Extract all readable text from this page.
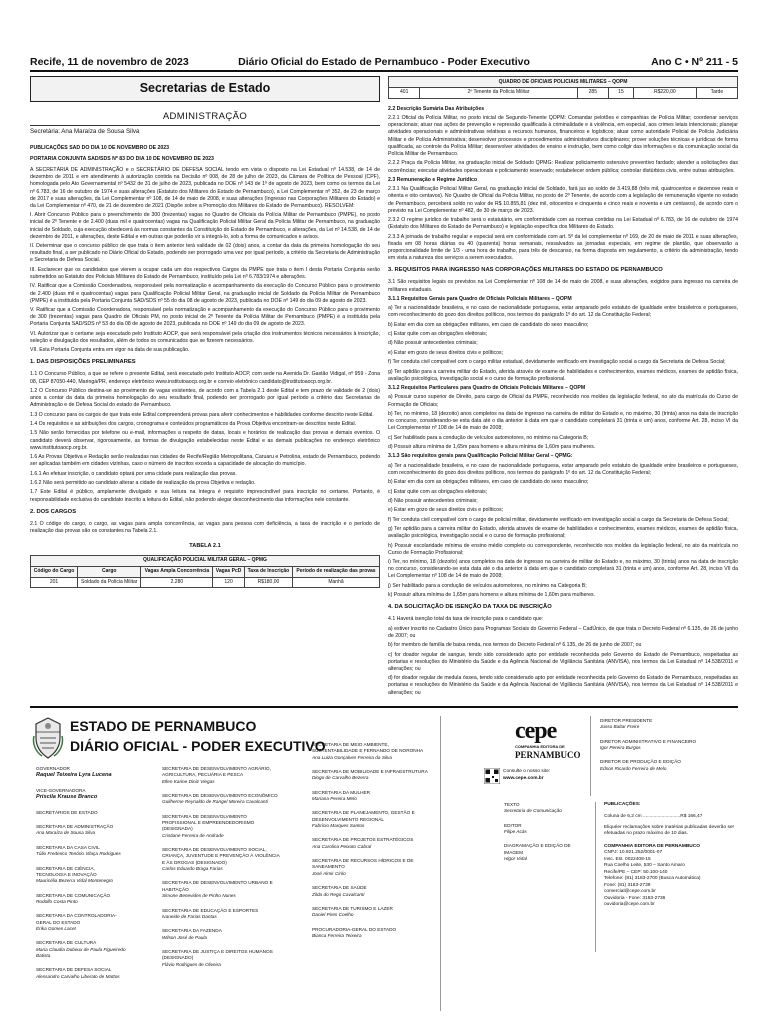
Recife, 11 de novembro de 2023	Diário Oficial do Estado de Pernambuco - Poder Executivo	Ano C • Nº 211 - 5
Secretarias de Estado
ADMINISTRAÇÃO
Secretária: Ana Maraíza de Sousa Silva

PUBLICAÇÕES SAD DO DIA 10 DE NOVEMBRO DE 2023

PORTARIA CONJUNTA SAD/SDS Nº 83 DO DIA 10 DE NOVEMBRO DE 2023

A SECRETÁRIA DE ADMINISTRAÇÃO e o SECRETÁRIO DE DEFESA SOCIAL tendo em vista o disposto na Lei Estadual nº 14.538, de 14 de dezembro de 2011 e em atendimento à autorização contida na Decisão nº 008, de 28 de julho de 2023, da Câmara de Política de Pessoal (CPF), homologada pelo Ato Governamental nº 5432 de 31 de julho de 2023, publicada no DOE nº 143 de 1º de agosto de 2023, bem como os termos da Lei nº 6.783, de 16 de outubro de 1974 e suas alterações (Estatuto dos Militares do Estado de Pernambuco), a Lei Complementar nº 352, de 23 de março de 2017 e suas alterações, da Lei Complementar nº 108, de 14 de maio de 2008, e suas alterações (Ingresso nas Corporações Militares do Estado) e da Lei Complementar nº 470, de 21 de dezembro de 2021 (Dispõe sobre a Promoção dos Militares do Estado de Pernambuco). RESOLVEM:

I. Abrir Concurso Público para o preenchimento de 300 (trezentas) vagas no Quadro de Oficiais da Polícia Militar de Pernambuco (PMPE), no posto inicial de 2º Tenente e de 2.400 (duas mil e quatrocentas) vagas na Qualificação Policial Militar Geral da Polícia Militar de Pernambuco, na graduação inicial de Soldado, cuja execução obedecerá às normas constantes da Constituição do Estado de Pernambuco, e alterações, da Lei nº 14.538, de 14 de dezembro de 2011, e alterações, deste Edital e em outras que poderão vir a integrá-lo, sob a forma de comunicados e avisos.

II. Determinar que o concurso público de que trata o item anterior terá validade de 02 (dois) anos, a contar da data da primeira homologação do seu resultado final, a ser publicado no Diário Oficial do Estado, podendo ser prorrogado uma vez por igual período, a critério da Secretaria de Administração e Secretaria de Defesa Social.

III. Esclarecer que os candidatos que vierem a ocupar cada um dos respectivos Cargos da PMPE que trata o item I desta Portaria Conjunta serão submetidos ao Estatuto dos Policiais Militares do Estado de Pernambuco, instituído pela Lei nº 6.783/1974 e alterações.

IV. Ratificar que a Comissão Coordenadora, responsável pela normatização e acompanhamento da execução do Concurso Público para o provimento de 2.400 (duas mil e quatrocentas) vagas para Qualificação Policial Militar Geral, na graduação inicial de Soldado da Polícia Militar de Pernambuco (PMPE) é a instituída pela Portaria Conjunta SAD/SDS nº 55 do dia 08 de agosto de 2023, publicada no DOE nº 149 do dia 09 de agosto de 2023.

V. Ratificar que a Comissão Coordenadora, responsável pela normatização e acompanhamento da execução do Concurso Público para o provimento de 300 (trezentas) vagas para Quadro de Oficiais PM, no posto inicial de 2º Tenente da Polícia Militar de Pernambuco (PMPE) é a instituída pela Portaria Conjunta SAD/SDS nº 53 do dia 08 de agosto de 2023, publicada no DOE nº 149 do dia 09 de agosto de 2023.

VI. Autorizar que o certame seja executado pelo Instituto AOCP, que será responsável pela criação dos instrumentos técnicos necessários à inscrição, seleção e divulgação dos resultados, além de todos os comunicados que se fizerem necessários.

VII. Esta Portaria Conjunta entra em vigor na data de sua publicação.

1. DAS DISPOSIÇÕES PRELIMINARES

1.1 O Concurso Público, a que se refere o presente Edital, será executado pelo Instituto AOCP, com sede na Avenida Dr. Gastão Vidigal, nº 959 - Zona 08, CEP 87050-440, Maringá/PR, endereço eletrônico www.institutoaocp.org.br e correio eletrônico candidato@institutoaocp.org.br.

1.2 O Concurso Público destina-se ao provimento de vagas existentes, de acordo com a Tabela 2.1 deste Edital e tem prazo de validade de 2 (dois) anos a contar da data da primeira homologação do seu resultado final, podendo ser prorrogado por igual período a critério das Secretarias de Administração e de Defesa Social do estado de Pernambuco.

1.3 O concurso para os cargos de que trata este Edital compreenderá provas para aferir conhecimentos e habilidades conforme descrito neste Edital.

1.4 Os requisitos e as atribuições dos cargos, cronograma e conteúdos programáticos da Prova Objetiva encontram-se descritos neste Edital.

1.5 Não serão fornecidas por telefone ou e-mail, informações a respeito de datas, locais e horários de realização das provas e demais eventos. O candidato deverá observar, rigorosamente, as formas de divulgação estabelecidas neste Edital e as demais publicações no endereço eletrônico www.institutoaocp.org.br.

1.6 As Provas Objetiva e Redação serão realizadas nas cidades de Recife/Região Metropolitana, Caruaru e Petrolina, estado de Pernambuco, podendo ser aplicadas também em cidades vizinhas, caso o número de inscritos exceda a capacidade de alocação do município.

1.6.1 Ao efetuar inscrição, o candidato optará por uma cidade para realização das provas.

1.6.2 Não será permitido ao candidato alterar a cidade de realização da prova Objetiva e redação.

1.7 Este Edital é público, amplamente divulgado e sua leitura na íntegra é requisito imprescindível para inscrição no certame. Portanto, é responsabilidade exclusiva do candidato inscrito a leitura do Edital, não podendo alegar desconhecimento das informações nele constante.

2. DOS CARGOS

2.1 O código do cargo, o cargo, as vagas para ampla concorrência, as vagas para pessoa com deficiência, a taxa de inscrição e o período de realização das provas são os constantes na Tabela 2.1.

TABELA 2.1
QUALIFICAÇÃO POLICIAL MILITAR GERAL – QPMG					
Código do Cargo	Cargo	Vagas Ampla Concorrência	Vagas PcD	Taxa de Inscrição	Período de realização das provas
201	Soldado da Polícia Militar	2.280	120	R$180,00	Manhã
QUADRO DE OFICIAIS POLICIAIS MILITARES – QOPM
401	2º Tenente da Polícia Militar	285	15	R$220,00	Tarde

2.2 Descrição Sumária Das Atribuições

2.2.1 Oficial da Polícia Militar, no posto inicial de Segundo-Tenente QOPM: Comandar pelotões e companhias de Polícia Militar; coordenar serviços operacionais; atuar nas ações de prevenção e repressão qualificada à criminalidade e à violência, em especial, aos crimes letais intencionais; planejar atividades operacionais e administrativas relativas a recursos humanos, financeiros e logísticos; atuar como autoridade Policial de Polícia Judiciária Militar e de Polícia Administrativa; desenvolver processos e procedimentos administrativos disciplinares; prover soluções técnicas e jurídicas de forma qualificada, ao controle da Polícia Militar; desenvolver atividades de ensino e instrução, bem como coligir das informações e da comunicação social da Polícia Militar de Pernambuco.

2.2.2 Praça da Polícia Militar, na graduação inicial de Soldado QPMG: Realizar policiamento ostensivo preventivo fardado; atender a solicitações das ocorrências; executar atividades operacionais e policiamento reservado; restabelecer ordem pública; controlar distúrbios civis, entre outras atribuições.

2.3 Remuneração e Regime Jurídico

2.3.1 Na Qualificação Policial Militar Geral, na graduação inicial de Soldado, fará jus ao soldo de 3.419,88 (três mil, quatrocentos e dezenove reais e oitenta e oito centavos). No Quadro de Oficial da Polícia Militar, no posto de 2º Tenente, de acordo com a legislação de remuneração vigente no estado de Pernambuco, perceberá soldo no valor de R$ 10.855,81 (dez mil, oitocentos e cinquenta e cinco reais e noventa e um centavos), de acordo com o previsto na Lei Complementar nº 482, de 30 de março de 2023.

2.3.2 O regime jurídico de trabalho será o estatutário, em conformidade com as normas contidas na Lei Estadual nº 6.783, de 16 de outubro de 1974 (Estatuto dos Militares do Estado de Pernambuco) e legislação específica dos Militares do Estado.

2.3.3 A jornada de trabalho regular e especial será em conformidade com art. 5º da lei complementar nº 169, de 20 de maio de 2011 e suas alterações, fixada em 08 horas diárias ou 40 (quarenta) horas semanais, ressalvados as jornadas especiais, em regime de plantão, que observarão a proporcionalidade limite de 1/3 - uma hora de trabalho, para três de descanso, na forma disposta em regulamento, a critério da administração, tendo em vista a natureza dos serviços a serem executados.

3. REQUISITOS PARA INGRESSO NAS CORPORAÇÕES MILITARES DO ESTADO DE PERNAMBUCO

3.1 São requisitos legais os previstos na Lei Complementar nº 108 de 14 de maio de 2008, e suas alterações, exigidos para ingresso na carreira de militares estaduais.

3.1.1 Requisitos Gerais para Quadro de Oficiais Policiais Militares – QOPM

a) Ter a nacionalidade brasileira, e no caso de nacionalidade portuguesa, estar amparado pelo estatuto de igualdade entre brasileiros e portugueses, com reconhecimento do gozo dos direitos políticos, nos termos do parágrafo 1º do art. 12 da Constituição Federal;

b) Estar em dia com as obrigações militares, em caso de candidato do sexo masculino;

c) Estar quite com as obrigações eleitorais;

d) Não possuir antecedentes criminais;

e) Estar em gozo de seus direitos civis e políticos;

f) Ter conduta civil compatível com o cargo militar estadual, devidamente verificado em investigação social a cargo da Secretaria de Defesa Social;

g) Ter aptidão para a carreira militar do Estado, aferida através de exame de habilidades e conhecimentos, exames médicos, exames de aptidão física, avaliação psicológica, investigação social e o curso de formação profissional.

3.1.2 Requisitos Particulares para Quadro de Oficiais Policiais Militares – QOPM

a) Possuir curso superior de Direito, para cargo de Oficial da PMPE, reconhecido nos moldes da legislação federal, no ato da matrícula do Curso de Formação de Oficiais;

b) Ter, no mínimo, 18 (dezoito) anos completos na data de ingresso na carreira de militar do Estado e, no máximo, 30 (trinta) anos na data de inscrição no concurso, considerando-se esta data até o dia anterior à data em que o candidato completará 31 (trinta e um) anos, conforme Art. 28, inciso VI da Lei Complementar nº 108 de 14 de maio de 2008;

c) Ser habilitado para a condução de veículos automotores, no mínimo na Categoria B;

d) Possuir altura mínima de 1,65m para homens e altura mínima de 1,60m para mulheres.

3.1.3 São requisitos gerais para Qualificação Policial Militar Geral – QPMG:

a) Ter a nacionalidade brasileira, e no caso de nacionalidade portuguesa, estar amparado pelo estatuto de igualdade entre brasileiros e portugueses, com reconhecimento do gozo dos direitos políticos, nos termos do parágrafo 1º do art. 12 da Constituição Federal;

b) Estar em dia com as obrigações militares, em caso de candidato do sexo masculino;

c) Estar quite com as obrigações eleitorais;

d) Não possuir antecedentes criminais;

e) Estar em gozo de seus direitos civis e políticos;

f) Ter conduta civil compatível com o cargo de policial militar, devidamente verificado em investigação social a cargo da Secretaria de Defesa Social;

g) Ter aptidão para a carreira militar do Estado, aferida através de exame de habilidades e conhecimentos, exames médicos, exames de aptidão física, avaliação psicológica, investigação social e o curso de formação profissional;

h) Possuir escolaridade mínima de ensino médio completo ou correspondente, reconhecido nos moldes da legislação federal, no ato da matrícula no Curso de Formação Profissional;

i) Ter, no mínimo, 18 (dezoito) anos completos na data de ingresso na carreira de militar do Estado e, no máximo, 30 (trinta) anos na data de inscrição no concurso, considerando-se esta data até o dia anterior à data em que o candidato completará 31 (trinta e um) anos, conforme Art. 28, inciso VII da Lei Complementar nº 108 de 14 de maio de 2008;

j) Ser habilitado para a condução de veículos automotores, no mínimo na Categoria B;

k) Possuir altura mínima de 1,65m para homens e altura mínima de 1,60m para mulheres.

4. DA SOLICITAÇÃO DE ISENÇÃO DA TAXA DE INSCRIÇÃO

4.1 Haverá isenção total da taxa de inscrição para o candidato que:

a) estiver inscrito no Cadastro Único para Programas Sociais do Governo Federal – CadÚnico, de que trata o Decreto Federal nº 6.135, de 26 de junho de 2007; ou

b) for membro de família de baixa renda, nos termos do Decreto Federal nº 6.135, de 26 de junho de 2007; ou

c) for doador regular de sangue, tendo sido considerado apto por entidade reconhecida pelo Governo do Estado de Pernambuco, respeitadas as portarias e resoluções do Ministério da Saúde e da Agência Nacional de Vigilância Sanitária (ANVISA), nos termos da Lei Estadual nº 14.538/2011 e alterações; ou

d) for doador regular de medula óssea, tendo sido considerado apto por entidade reconhecida pelo Governo do Estado de Pernambuco, respeitadas as portarias e resoluções do Ministério da Saúde e da Agência Nacional de Vigilância Sanitária (ANVISA), nos termos da Lei Estadual nº 14.538/2011 e alterações; ou

ESTADO DE PERNAMBUCO
DIÁRIO OFICIAL - PODER EXECUTIVO
GOVERNADOR
Raquel Teixeira Lyra Lucena
VICE-GOVERNADORA
Priscila Krause Branco
SECRETÁRIOS DE ESTADO
SECRETARIA DE ADMINISTRAÇÃO
Ana Maraíza de Sousa Silva
SECRETARIA DA CASA CIVIL
Túlio Frederico Tenório Vilaça Rodrigues
SECRETARIA DE CIÊNCIA, TECNOLOGIA E INOVAÇÃO
Mauricélia Bezerra Vidal Montenegro
SECRETARIA DE COMUNICAÇÃO
Rodolfo Costa Pinto
SECRETARIA DA CONTROLADORIA-GERAL DO ESTADO
Érika Gomes Lacet
SECRETARIA DE CULTURA
Maria Claudia Dubeux de Paula Figueiredo Batista
SECRETARIA DE DEFESA SOCIAL
Alessandro Carvalho Liberato de Mattos
SECRETARIA DE DESENVOLVIMENTO AGRÁRIO, AGRICULTURA, PECUÁRIA E PESCA
Ellen Karine Diniz Viegas
SECRETARIA DE DESENVOLVIMENTO ECONÔMICO
Guilherme Reynaldo de Rangel Moreira Cavalcanti
SECRETARIA DE DESENVOLVIMENTO PROFISSIONAL E EMPREENDEDORISMO (DESIGNADA)
Cristiane Ferreira de Andrade
SECRETARIA DE DESENVOLVIMENTO SOCIAL, CRIANÇA, JUVENTUDE E PREVENÇÃO À VIOLÊNCIA E ÀS DROGAS (DESIGNADO)
Carlos Eduardo Braga Farias
SECRETARIA DE DESENVOLVIMENTO URBANO E HABITAÇÃO
Simone Benevides de Pinho Nunes
SECRETARIA DE EDUCAÇÃO E ESPORTES
Ivaneide de Farias Dantas
SECRETARIA DA FAZENDA
Wilson José de Paula
SECRETARIA DE JUSTIÇA E DIREITOS HUMANOS (DESIGNADO)
Flávio Rodrigues de Oliveira
SECRETARIA DE MEIO AMBIENTE, SUSTENTABILIDADE E FERNANDO DE NORONHA
Ana Luiza Gonçalves Ferreira da Silva
SECRETARIA DE MOBILIDADE E INFRAESTRUTURA
Diogo de Carvalho Bezerra
SECRETARIA DA MULHER
Mariana Pereira Melo
SECRETARIA DE PLANEJAMENTO, GESTÃO E DESENVOLVIMENTO REGIONAL
Fabrício Marques Santos
SECRETARIA DE PROJETOS ESTRATÉGICOS
Ana Carolina Peixoto Cabral
SECRETARIA DE RECURSOS HÍDRICOS E DE SANEAMENTO
José Almir Cirilo
SECRETARIA DE SAÚDE
Zilda do Rego Cavalcanti
SECRETARIA DE TURISMO E LAZER
Daniel Pires Coelho
PROCURADORIA-GERAL DO ESTADO
Bianca Ferreira Teixeira
cepe
COMPANHIA EDITORA DE
PERNAMBUCO
Consulte o nosso site:
www.cepe.com.br
DIRETOR PRESIDENTE
Jusso Baltar Freire
DIRETOR ADMINISTRATIVO E FINANCEIRO
Igor Pereira Burgos
DIRETOR DE PRODUÇÃO E EDIÇÃO
Edson Ricardo Ferreira de Melo
TEXTO
Secretaria de Comunicação
EDITOR
Filipe Acás
DIAGRAMAÇÃO E EDIÇÃO DE IMAGEM
Higor Vidal
PUBLICAÇÕES:
Coluna de 6,2 cm ............................R$ 166,47
Eliquéer reclamações sobre matérias publicadas deverão ser efetuadas no prazo máximo de 10 dias.
COMPANHIA EDITORA DE PERNAMBUCO
CNPJ: 10.921.252/0001-07
Insc. Est. 0022408-15
Rua Coelho Leite, 530 – Santo Amaro
Recife/PE – CEP: 50.100-140
Telefone: (81) 3183-2700 (Busca Automática)
Fone: (81) 3183-2739
comercial@cepe.com.br
Ouvidoria - Fone: 3183-2736
ouvidoria@cepe.com.br
